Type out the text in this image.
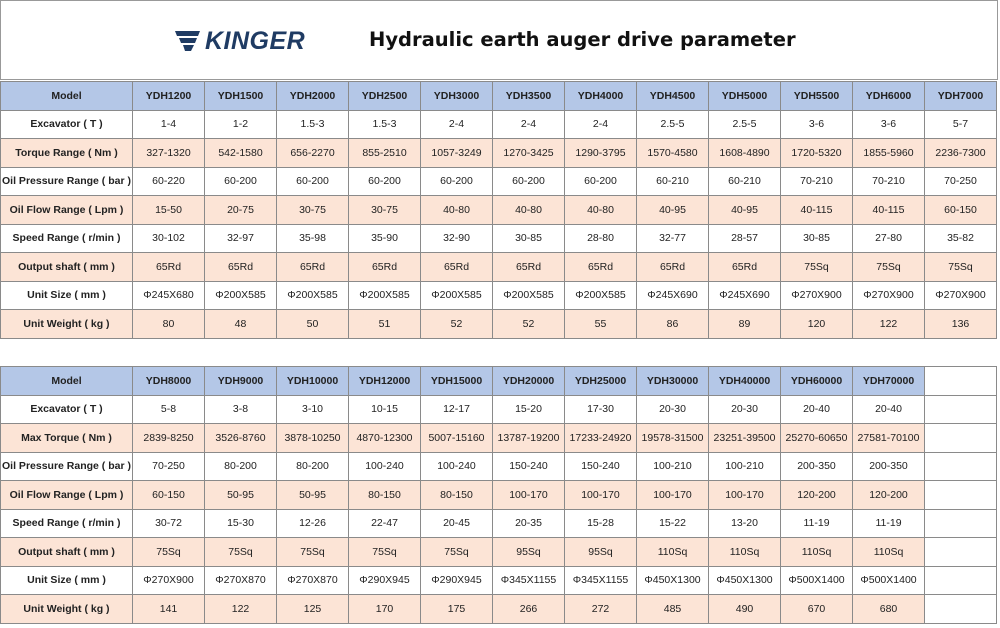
KINGER	Hydraulic earth auger drive parameter
Model	YDH1200	YDH1500	YDH2000	YDH2500	YDH3000	YDH3500	YDH4000	YDH4500	YDH5000	YDH5500	YDH6000	YDH7000
Excavator ( T )	1-4	1-2	1.5-3	1.5-3	2-4	2-4	2-4	2.5-5	2.5-5	3-6	3-6	5-7
Torque Range ( Nm )	327-1320	542-1580	656-2270	855-2510	1057-3249	1270-3425	1290-3795	1570-4580	1608-4890	1720-5320	1855-5960	2236-7300
Oil Pressure Range ( bar )	60-220	60-200	60-200	60-200	60-200	60-200	60-200	60-210	60-210	70-210	70-210	70-250
Oil Flow Range ( Lpm )	15-50	20-75	30-75	30-75	40-80	40-80	40-80	40-95	40-95	40-115	40-115	60-150
Speed Range ( r/min )	30-102	32-97	35-98	35-90	32-90	30-85	28-80	32-77	28-57	30-85	27-80	35-82
Output shaft ( mm )	65Rd	65Rd	65Rd	65Rd	65Rd	65Rd	65Rd	65Rd	65Rd	75Sq	75Sq	75Sq
Unit Size ( mm )	Φ245X680	Φ200X585	Φ200X585	Φ200X585	Φ200X585	Φ200X585	Φ200X585	Φ245X690	Φ245X690	Φ270X900	Φ270X900	Φ270X900
Unit Weight ( kg )	80	48	50	51	52	52	55	86	89	120	122	136
Model	YDH8000	YDH9000	YDH10000	YDH12000	YDH15000	YDH20000	YDH25000	YDH30000	YDH40000	YDH60000	YDH70000	
Excavator ( T )	5-8	3-8	3-10	10-15	12-17	15-20	17-30	20-30	20-30	20-40	20-40	
Max Torque ( Nm )	2839-8250	3526-8760	3878-10250	4870-12300	5007-15160	13787-19200	17233-24920	19578-31500	23251-39500	25270-60650	27581-70100	
Oil Pressure Range ( bar )	70-250	80-200	80-200	100-240	100-240	150-240	150-240	100-210	100-210	200-350	200-350	
Oil Flow Range ( Lpm )	60-150	50-95	50-95	80-150	80-150	100-170	100-170	100-170	100-170	120-200	120-200	
Speed Range ( r/min )	30-72	15-30	12-26	22-47	20-45	20-35	15-28	15-22	13-20	11-19	11-19	
Output shaft ( mm )	75Sq	75Sq	75Sq	75Sq	75Sq	95Sq	95Sq	110Sq	110Sq	110Sq	110Sq	
Unit Size ( mm )	Φ270X900	Φ270X870	Φ270X870	Φ290X945	Φ290X945	Φ345X1155	Φ345X1155	Φ450X1300	Φ450X1300	Φ500X1400	Φ500X1400	
Unit Weight ( kg )	141	122	125	170	175	266	272	485	490	670	680	
